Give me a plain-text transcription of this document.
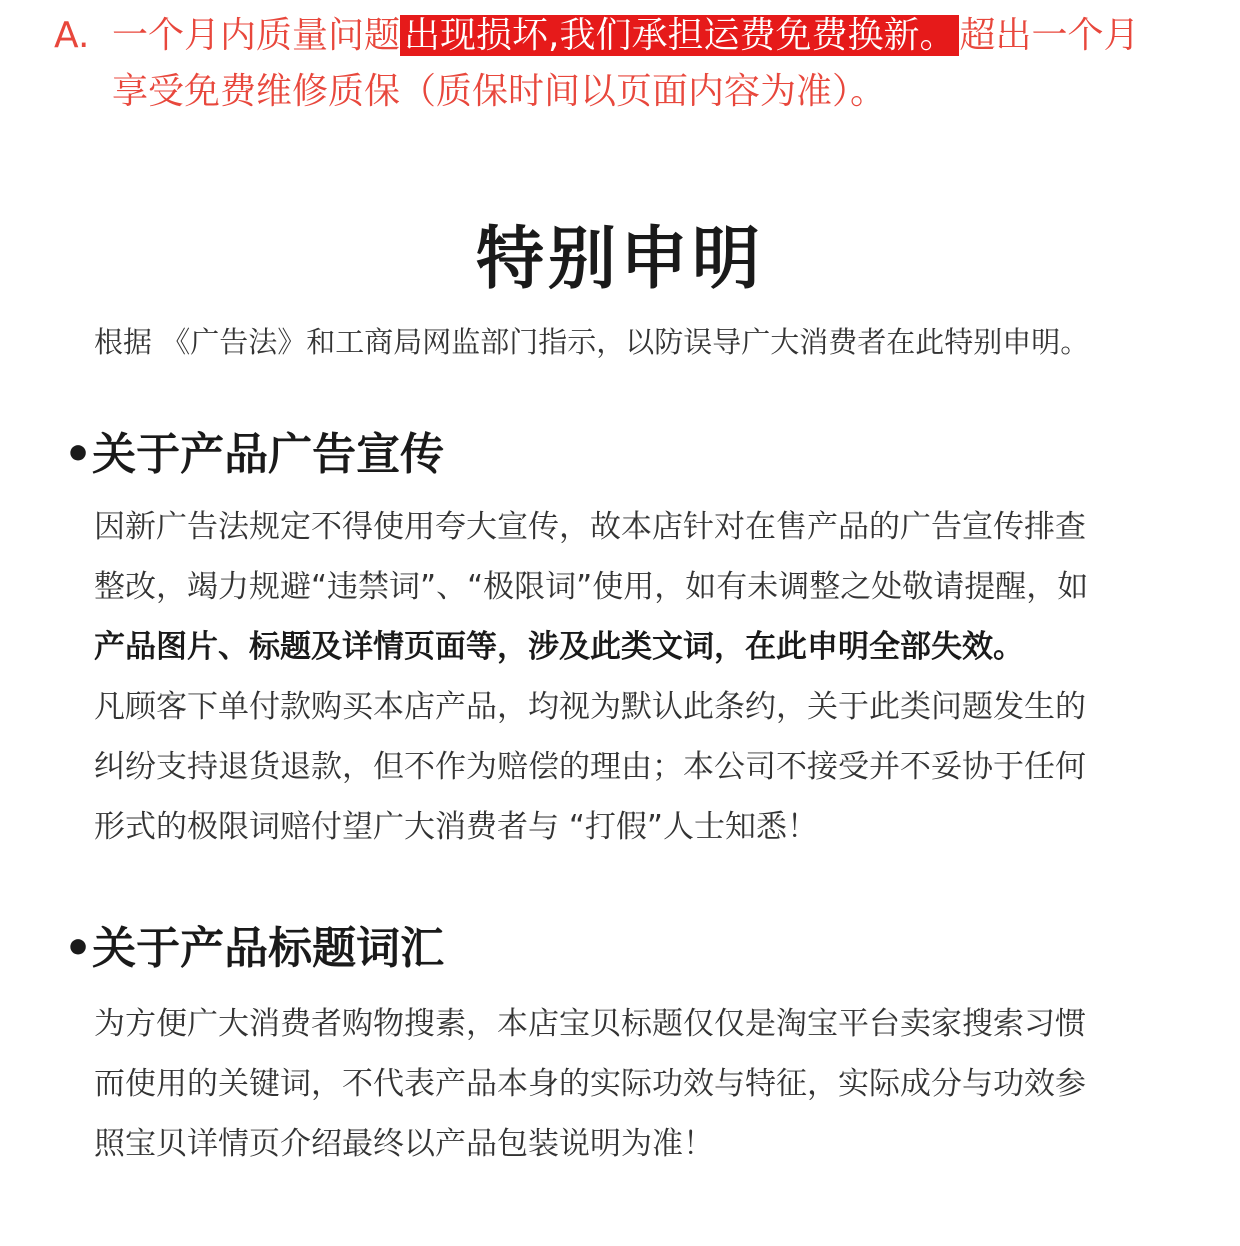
A. 一个月内质量问题 出现损坏,我们承担运费免费换新。 超出一个月
享受免费维修质保（质保时间以页面内容为准）。
特别申明
根据 《广告法》和工商局网监部门指示，以防误导广大消费者在此特别申明。
•关于产品广告宣传
因新广告法规定不得使用夸大宣传，故本店针对在售产品的广告宣传排查
整改，竭力规避“违禁词”、“极限词”使用，如有未调整之处敬请提醒，如
产品图片、标题及详情页面等，涉及此类文词，在此申明全部失效。
凡顾客下单付款购买本店产品，均视为默认此条约，关于此类问题发生的
纠纷支持退货退款，但不作为赔偿的理由；本公司不接受并不妥协于任何
形式的极限词赔付望广大消费者与 “打假”人士知悉！
•关于产品标题词汇
为方便广大消费者购物搜素，本店宝贝标题仅仅是淘宝平台卖家搜索习惯
而使用的关键词，不代表产品本身的实际功效与特征，实际成分与功效参
照宝贝详情页介绍最终以产品包装说明为准！
